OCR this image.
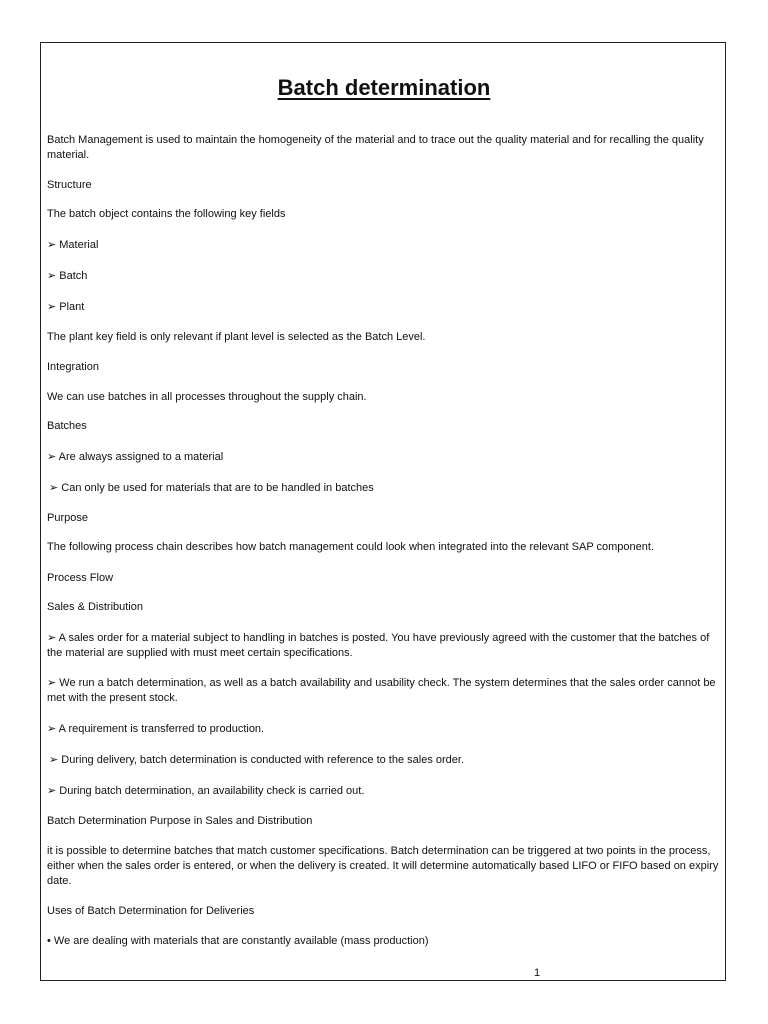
Batch determination

Batch Management is used to maintain the homogeneity of the material and to trace out the quality material and for recalling the quality material.

Structure

The batch object contains the following key fields

➢ Material

➢ Batch

➢ Plant

The plant key field is only relevant if plant level is selected as the Batch Level.

Integration

We can use batches in all processes throughout the supply chain.

Batches

➢ Are always assigned to a material

➢ Can only be used for materials that are to be handled in batches

Purpose

The following process chain describes how batch management could look when integrated into the relevant SAP component.

Process Flow

Sales & Distribution

➢ A sales order for a material subject to handling in batches is posted. You have previously agreed with the customer that the batches of the material are supplied with must meet certain specifications.

➢ We run a batch determination, as well as a batch availability and usability check. The system determines that the sales order cannot be met with the present stock.

➢ A requirement is transferred to production.

➢ During delivery, batch determination is conducted with reference to the sales order.

➢ During batch determination, an availability check is carried out.

Batch Determination Purpose in Sales and Distribution

it is possible to determine batches that match customer specifications. Batch determination can be triggered at two points in the process, either when the sales order is entered, or when the delivery is created. It will determine automatically based LIFO or FIFO based on expiry date.

Uses of Batch Determination for Deliveries

• We are dealing with materials that are constantly available (mass production)

1
